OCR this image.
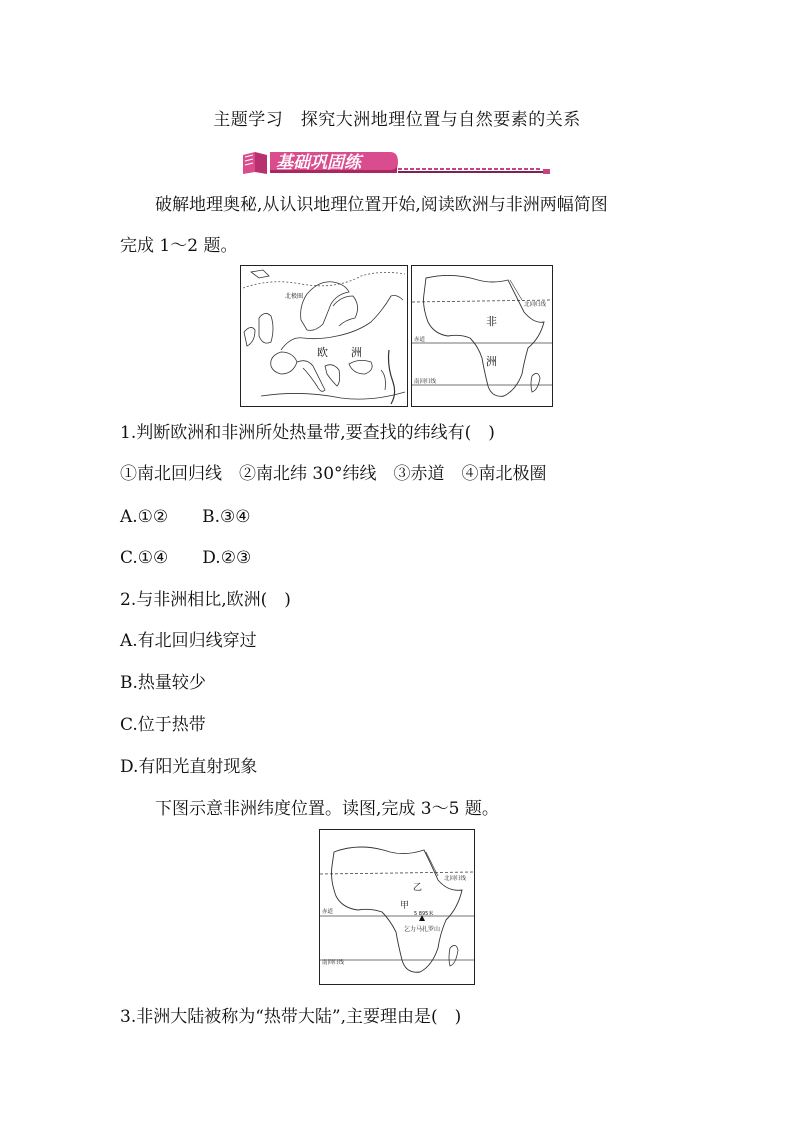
主题学习　探究大洲地理位置与自然要素的关系
基础巩固练
破解地理奥秘,从认识地理位置开始,阅读欧洲与非洲两幅简图
完成 1～2 题。
北极圈
欧 洲
北回归线
赤道
南回归线
非
洲
1.判断欧洲和非洲所处热量带,要查找的纬线有(　)
①南北回归线　②南北纬 30°纬线　③赤道　④南北极圈
A.①②　　B.③④
C.①④　　D.②③
2.与非洲相比,欧洲(　)
A.有北回归线穿过
B.热量较少
C.位于热带
D.有阳光直射现象
下图示意非洲纬度位置。读图,完成 3～5 题。
北回归线
赤道
南回归线
乙
甲
5 895米
乞力马扎罗山
3.非洲大陆被称为“热带大陆”,主要理由是(　)
